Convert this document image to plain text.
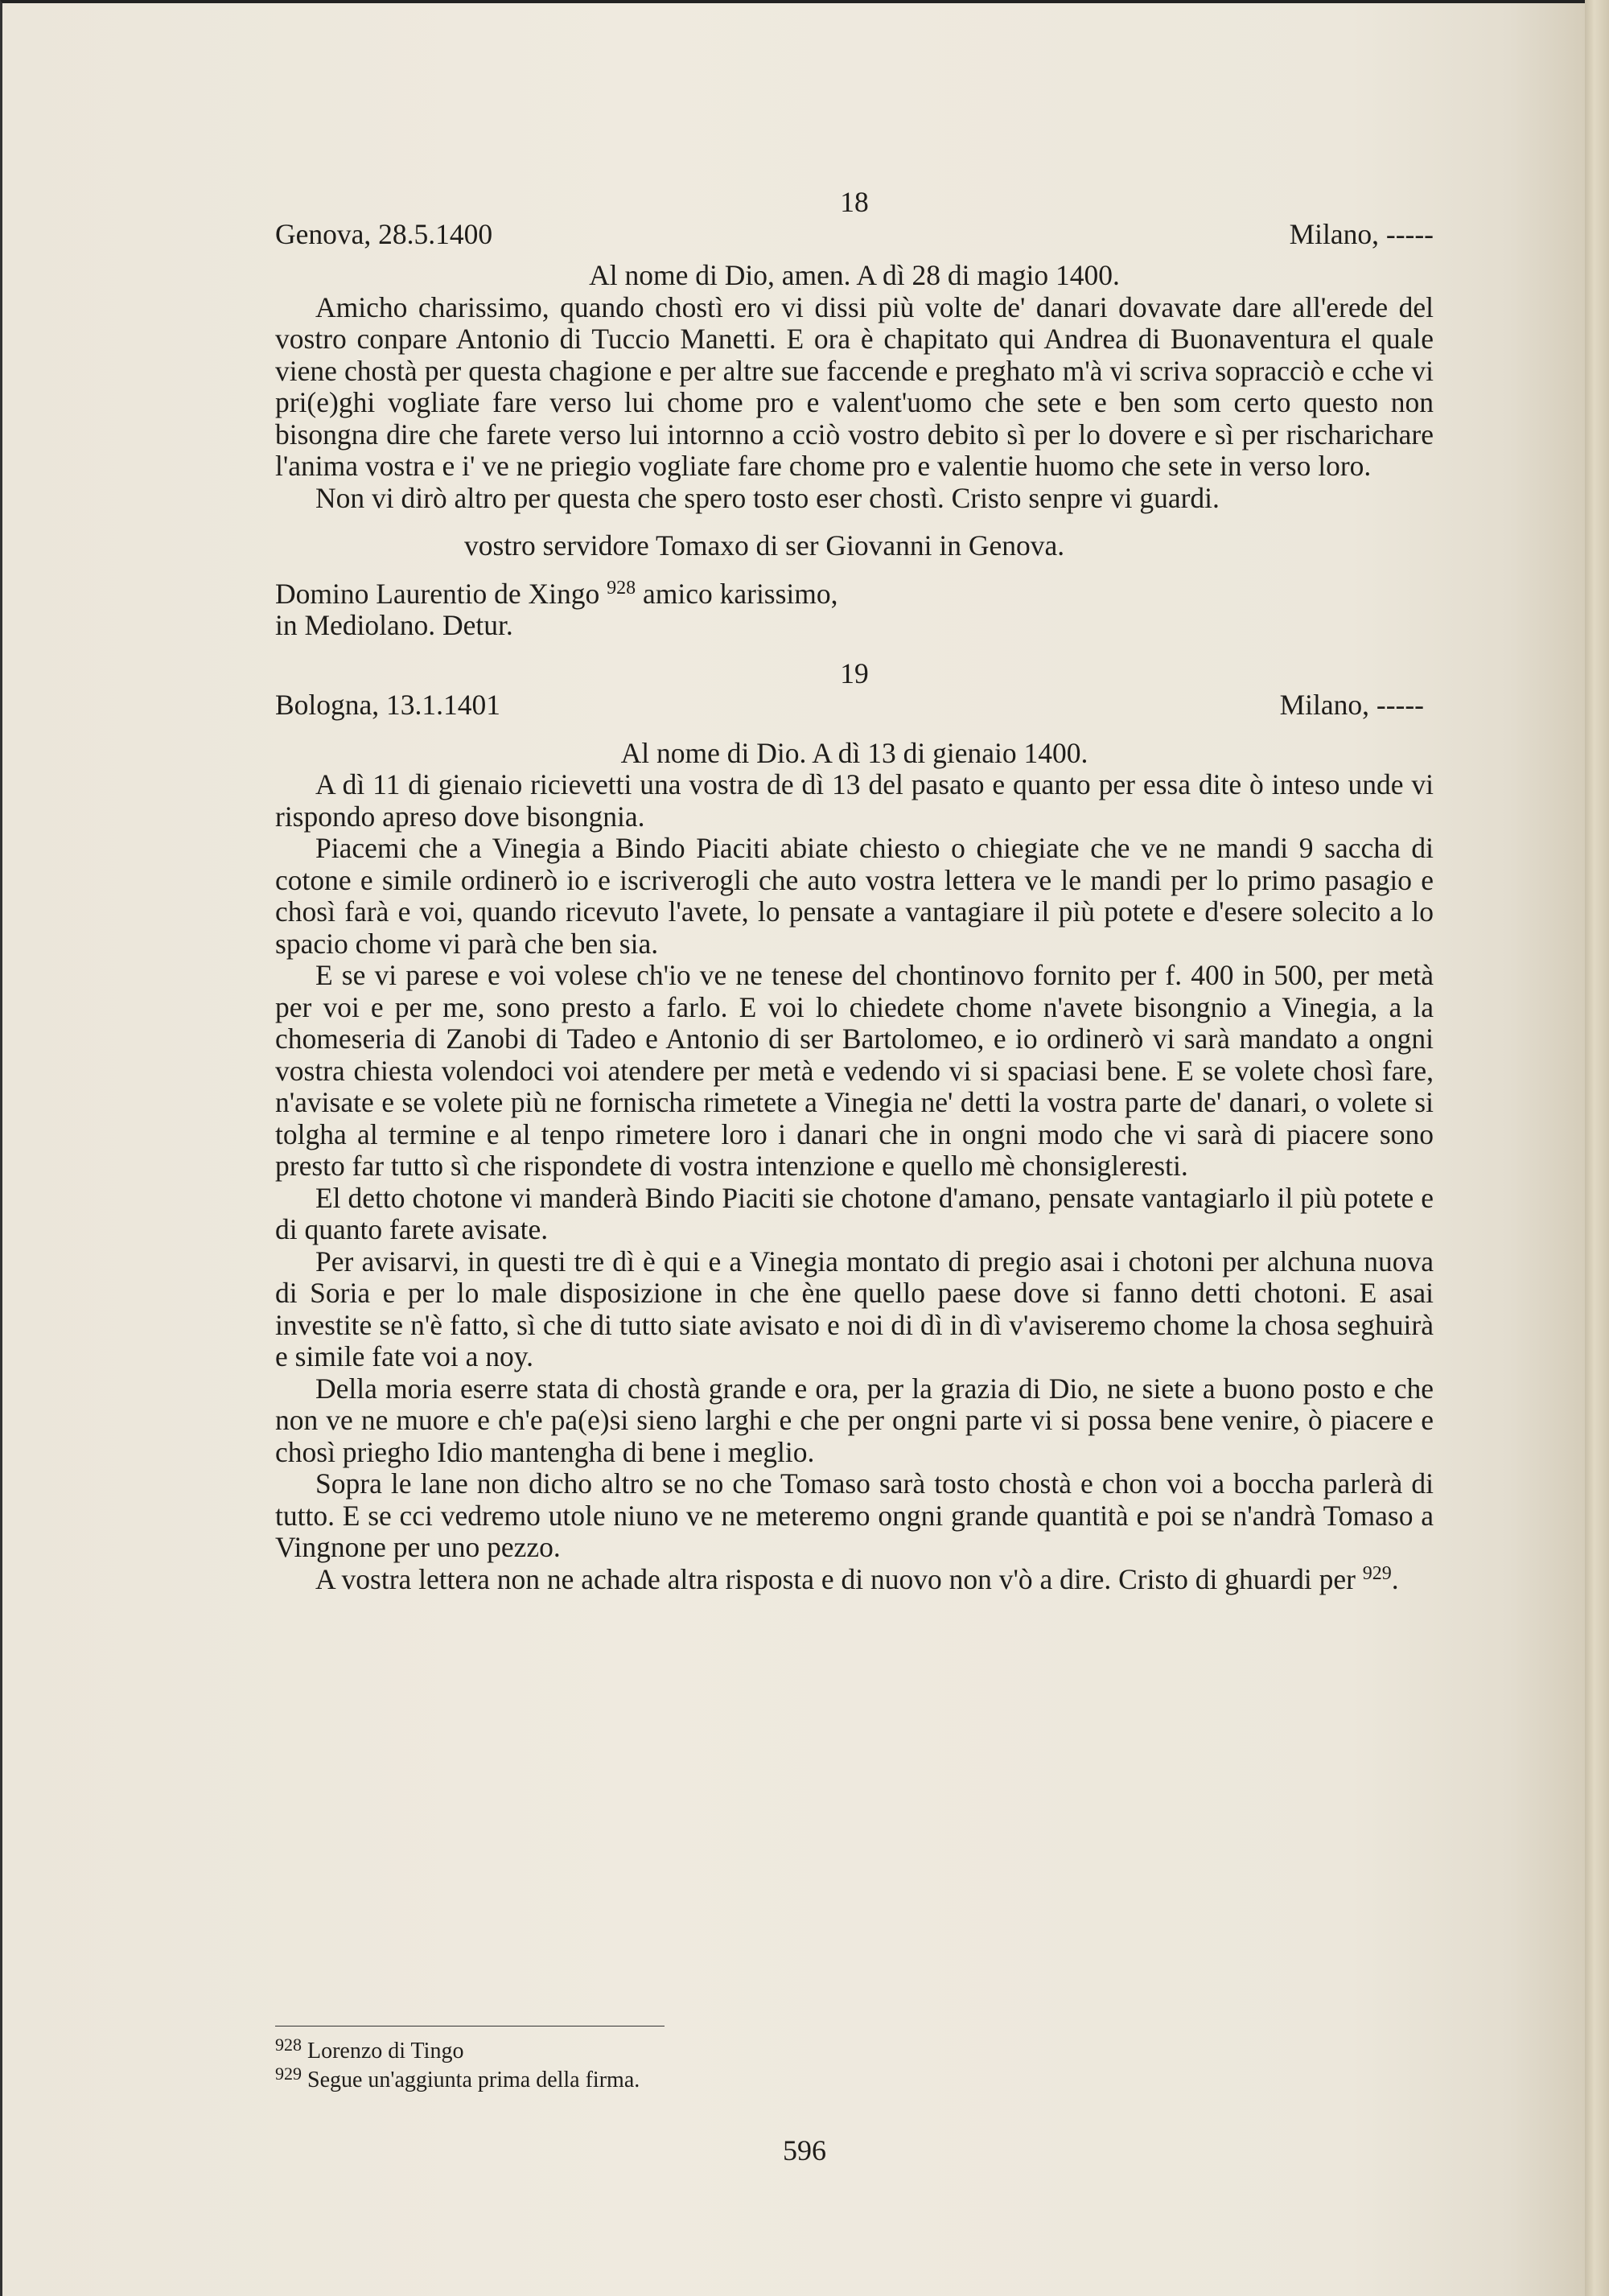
18
Genova, 28.5.1400	Milano, -----
Al nome di Dio, amen. A dì 28 di magio 1400.
Amicho charissimo, quando chostì ero vi dissi più volte de' danari dovavate dare all'erede del vostro conpare Antonio di Tuccio Manetti. E ora è chapitato qui Andrea di Buonaventura el quale viene chostà per questa chagione e per altre sue faccende e preghato m'à vi scriva sopracciò e cche vi pri(e)ghi vogliate fare verso lui chome pro e valent'uomo che sete e ben som certo questo non bisongna dire che farete verso lui intornno a cciò vostro debito sì per lo dovere e sì per rischarichare l'anima vostra e i' ve ne priegio vogliate fare chome pro e valentie huomo che sete in verso loro.
Non vi dirò altro per questa che spero tosto eser chostì. Cristo senpre vi guardi.
vostro servidore Tomaxo di ser Giovanni in Genova.
Domino Laurentio de Xingo $^{928}$ amico karissimo,
in Mediolano. Detur.
19
Bologna, 13.1.1401	Milano, -----
Al nome di Dio. A dì 13 di gienaio 1400.
A dì 11 di gienaio ricievetti una vostra de dì 13 del pasato e quanto per essa dite ò inteso unde vi rispondo apreso dove bisongnia.
Piacemi che a Vinegia a Bindo Piaciti abiate chiesto o chiegiate che ve ne mandi 9 saccha di cotone e simile ordinerò io e iscriverogli che auto vostra lettera ve le mandi per lo primo pasagio e chosì farà e voi, quando ricevuto l'avete, lo pensate a vantagiare il più potete e d'esere solecito a lo spacio chome vi parà che ben sia.
E se vi parese e voi volese ch'io ve ne tenese del chontinovo fornito per f. 400 in 500, per metà per voi e per me, sono presto a farlo. E voi lo chiedete chome n'avete bisongnio a Vinegia, a la chomeseria di Zanobi di Tadeo e Antonio di ser Bartolomeo, e io ordinerò vi sarà mandato a ongni vostra chiesta volendoci voi atendere per metà e vedendo vi si spaciasi bene. E se volete chosì fare, n'avisate e se volete più ne fornischa rimetete a Vinegia ne' detti la vostra parte de' danari, o volete si tolgha al termine e al tenpo rimetere loro i danari che in ongni modo che vi sarà di piacere sono presto far tutto sì che rispondete di vostra intenzione e quello mè chonsigleresti.
El detto chotone vi manderà Bindo Piaciti sie chotone d'amano, pensate vantagiarlo il più potete e di quanto farete avisate.
Per avisarvi, in questi tre dì è qui e a Vinegia montato di pregio asai i chotoni per alchuna nuova di Soria e per lo male disposizione in che ène quello paese dove si fanno detti chotoni. E asai investite se n'è fatto, sì che di tutto siate avisato e noi di dì in dì v'aviseremo chome la chosa seghuirà e simile fate voi a noy.
Della moria eserre stata di chostà grande e ora, per la grazia di Dio, ne siete a buono posto e che non ve ne muore e ch'e pa(e)si sieno larghi e che per ongni parte vi si possa bene venire, ò piacere e chosì priegho Idio mantengha di bene i meglio.
Sopra le lane non dicho altro se no che Tomaso sarà tosto chostà e chon voi a boccha parlerà di tutto. E se cci vedremo utole niuno ve ne meteremo ongni grande quantità e poi se n'andrà Tomaso a Vingnone per uno pezzo.
A vostra lettera non ne achade altra risposta e di nuovo non v'ò a dire. Cristo di ghuardi per $^{929}$.
$^{928}$ Lorenzo di Tingo
$^{929}$ Segue un'aggiunta prima della firma.
596
